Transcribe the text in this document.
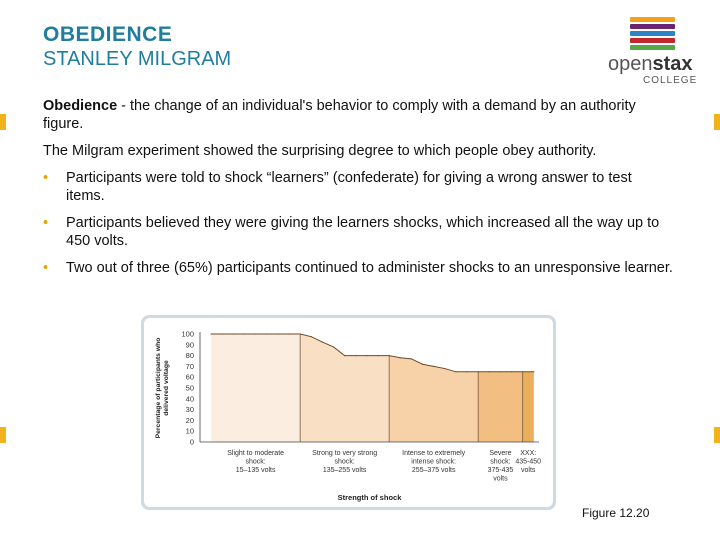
OBEDIENCE
STANLEY MILGRAM	openstax
COLLEGE

Obedience - the change of an individual's behavior to comply with a demand by an authority figure.

The Milgram experiment showed the surprising degree to which people obey authority.

• Participants were told to shock “learners” (confederate) for giving a wrong answer to test items.
• Participants believed they were giving the learners shocks, which increased all the way up to 450 volts.
• Two out of three (65%) participants continued to administer shocks to an unresponsive learner.
0
10
20
30
40
50
60
70
80
90
100
Percentage of participants who delivered voltage
Slight to moderate
shock:
15–135 volts
Strong to very strong
shock:
135–255 volts
Intense to extremely
intense shock:
255–375 volts
Severe
shock:
375-435
volts
XXX:
435-450
volts
Strength of shock
Figure 12.20
